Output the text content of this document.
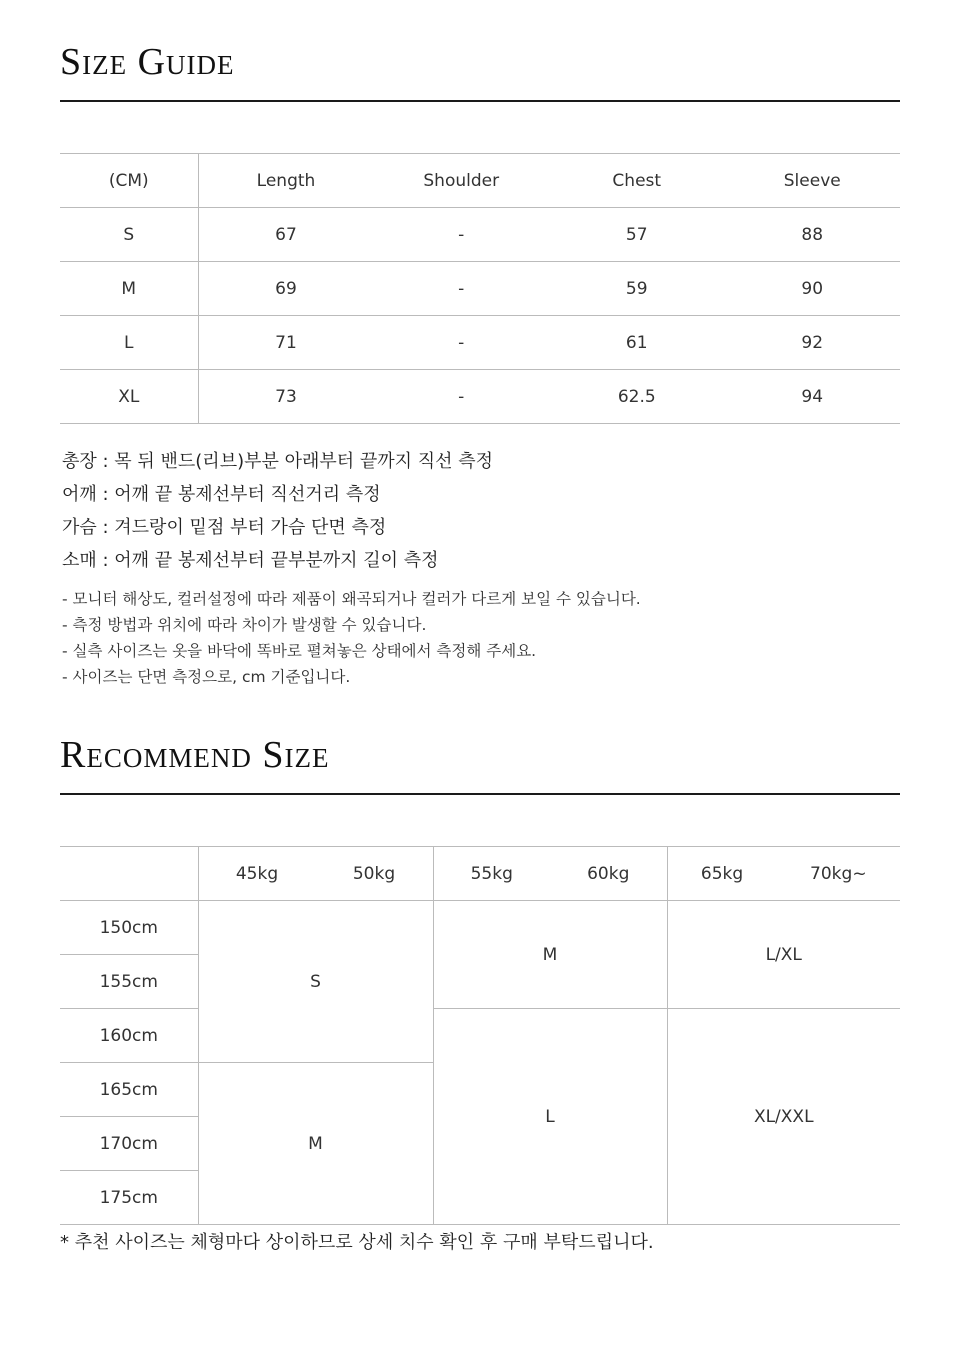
Size Guide
(CM)	Length	Shoulder	Chest	Sleeve
S	67	-	57	88
M	69	-	59	90
L	71	-	61	92
XL	73	-	62.5	94
총장 : 목 뒤 밴드(리브)부분 아래부터 끝까지 직선 측정
어깨 : 어깨 끝 봉제선부터 직선거리 측정
가슴 : 겨드랑이 밑점 부터 가슴 단면 측정
소매 : 어깨 끝 봉제선부터 끝부분까지 길이 측정
- 모니터 해상도, 컬러설정에 따라 제품이 왜곡되거나 컬러가 다르게 보일 수 있습니다.
- 측정 방법과 위치에 따라 차이가 발생할 수 있습니다.
- 실측 사이즈는 옷을 바닥에 똑바로 펼쳐놓은 상태에서 측정해 주세요.
- 사이즈는 단면 측정으로, cm 기준입니다.
Recommend Size

	45kg 50kg	55kg 60kg	65kg 70kg~

150cm	S	M	L/XL
155cm			
160cm		L	XL/XXL
165cm	M		
170cm			
175cm			

* 추천 사이즈는 체형마다 상이하므로 상세 치수 확인 후 구매 부탁드립니다.
